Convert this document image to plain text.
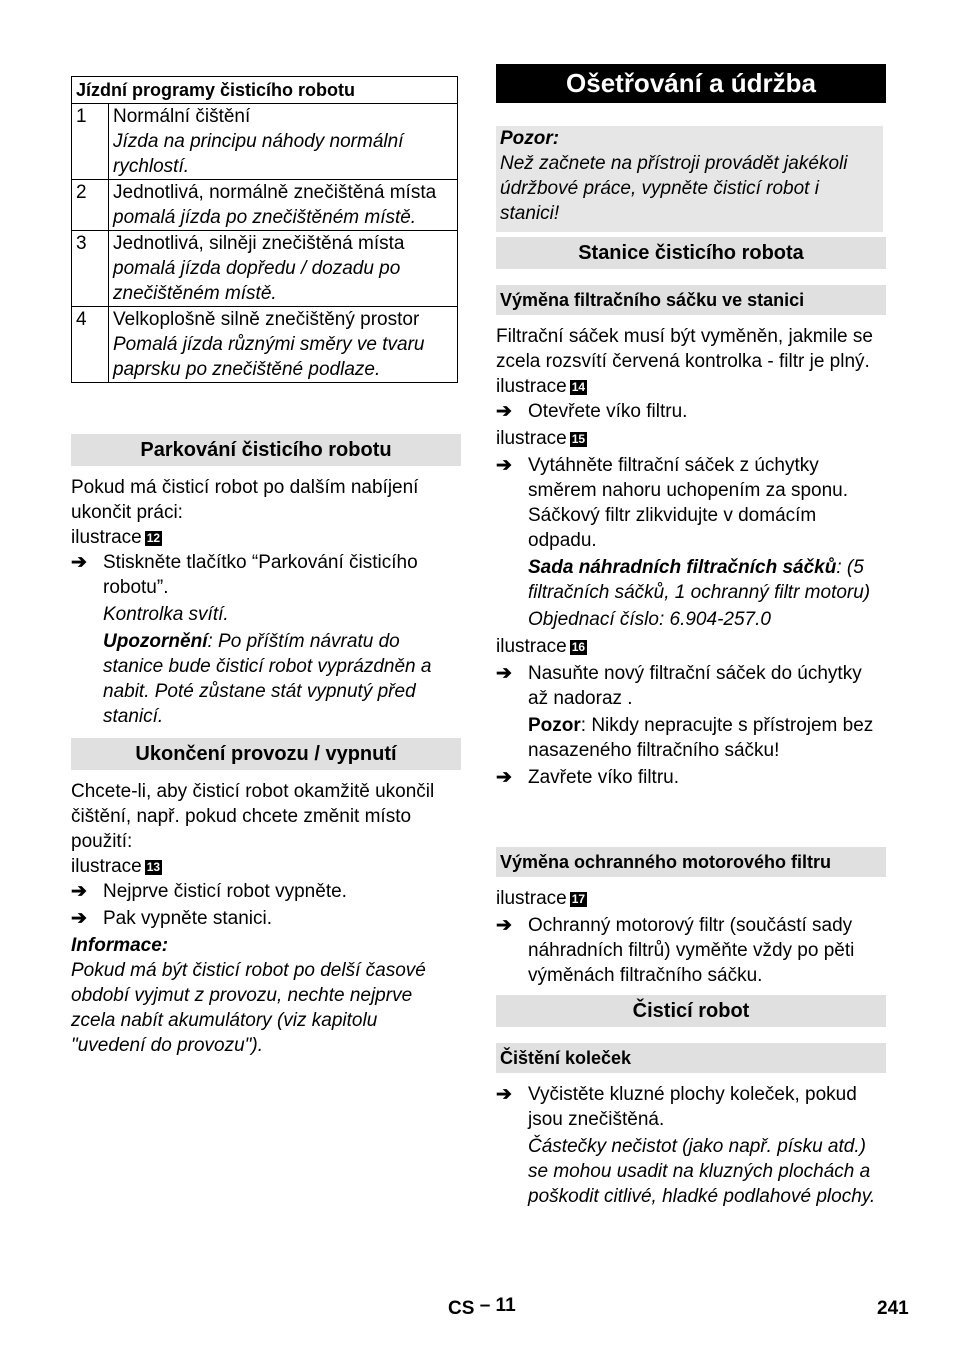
Jízdní programy čisticího robotu	
1	Normální čištění

Jízda na principu náhody normální rychlostí.

2	Jednotlivá, normálně znečištěná místa

pomalá jízda po znečištěném místě.

3	Jednotlivá, silněji znečištěná místa

pomalá jízda dopředu / dozadu po znečištěném místě.

4	Velkoplošně silně znečištěný prostor

Pomalá jízda různými směry ve tvaru paprsku po znečištěné podlaze.

Parkování čisticího robotu

Pokud má čisticí robot po dalším nabíjení ukončit práci:

ilustrace 12

➔ Stiskněte tlačítko “Parkování čisticího robotu”.

Kontrolka svítí.

Upozornění: Po příštím návratu do stanice bude čisticí robot vyprázdněn a nabit. Poté zůstane stát vypnutý před stanicí.

Ukončení provozu / vypnutí

Chcete-li, aby čisticí robot okamžitě ukončil čištění, např. pokud chcete změnit místo použití:

ilustrace 13

➔ Nejprve čisticí robot vypněte.

➔ Pak vypněte stanici.

Informace:

Pokud má být čisticí robot po delší časové období vyjmut z provozu, nechte nejprve zcela nabít akumulátory (viz kapitolu "uvedení do provozu").

Ošetřování a údržba

Pozor:

Než začnete na přístroji provádět jakékoli údržbové práce, vypněte čisticí robot i stanici!

Stanice čisticího robota
Výměna filtračního sáčku ve stanici

Filtrační sáček musí být vyměněn, jakmile se zcela rozsvítí červená kontrolka - filtr je plný.

ilustrace 14

➔ Otevřete víko filtru.

ilustrace 15

➔ Vytáhněte filtrační sáček z úchytky směrem nahoru uchopením za sponu. Sáčkový filtr zlikvidujte v domácím odpadu.

Sada náhradních filtračních sáčků: (5 filtračních sáčků, 1 ochranný filtr motoru)

Objednací číslo: 6.904-257.0

ilustrace 16

➔ Nasuňte nový filtrační sáček do úchytky až nadoraz .

Pozor: Nikdy nepracujte s přístrojem bez nasazeného filtračního sáčku!

➔ Zavřete víko filtru.

Výměna ochranného motorového filtru

ilustrace 17

➔ Ochranný motorový filtr (součástí sady náhradních filtrů) vyměňte vždy po pěti výměnách filtračního sáčku.

Čisticí robot
Čištění koleček

➔ Vyčistěte kluzné plochy koleček, pokud jsou znečištěná.

Částečky nečistot (jako např. písku atd.) se mohou usadit na kluzných plochách a poškodit citlivé, hladké podlahové plochy.

CS – 11	241
